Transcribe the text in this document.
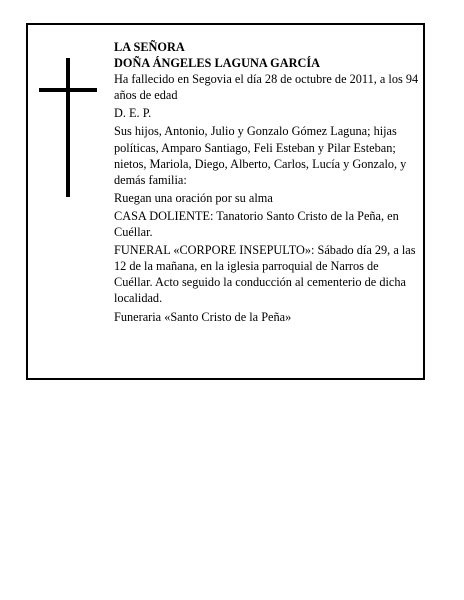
LA SEÑORA

DOÑA ÁNGELES LAGUNA GARCÍA

Ha fallecido en Segovia el día 28 de octubre de 2011, a los 94 años de edad

D. E. P.

Sus hijos, Antonio, Julio y Gonzalo Gómez Laguna; hijas políticas, Amparo Santiago, Feli Esteban y Pilar Esteban; nietos, Mariola, Diego, Alberto, Carlos, Lucía y Gonzalo, y demás familia:

Ruegan una oración por su alma

CASA DOLIENTE: Tanatorio Santo Cristo de la Peña, en Cuéllar.

FUNERAL «CORPORE INSEPULTO»: Sábado día 29, a las 12 de la mañana, en la iglesia parroquial de Narros de Cuéllar. Acto seguido la conducción al cementerio de dicha localidad.

Funeraria «Santo Cristo de la Peña»
